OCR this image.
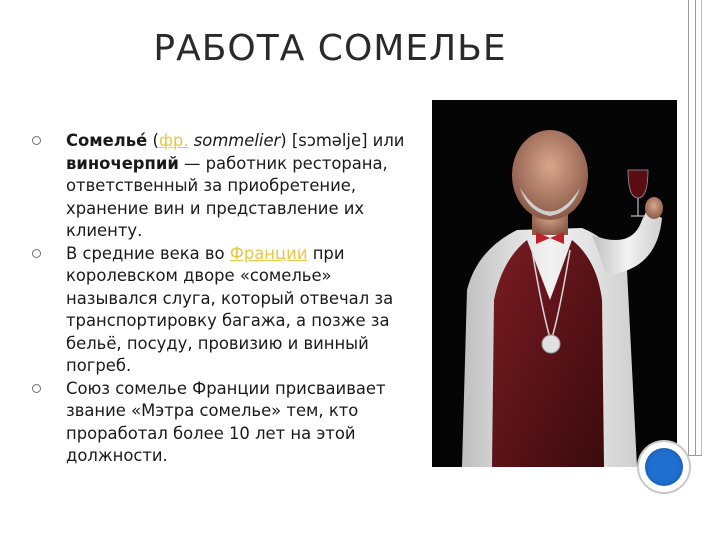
РАБОТА СОМЕЛЬЕ
Сомелье́ (фр. sommelier) [sɔməlje] или виночерпий — работник ресторана, ответственный за приобретение, хранение вин и представление их клиенту.
В средние века во Франции при королевском дворе «сомелье» назывался слуга, который отвечал за транспортировку багажа, а позже за бельё, посуду, провизию и винный погреб.
Союз сомелье Франции присваивает звание «Мэтра сомелье» тем, кто проработал более 10 лет на этой должности.
